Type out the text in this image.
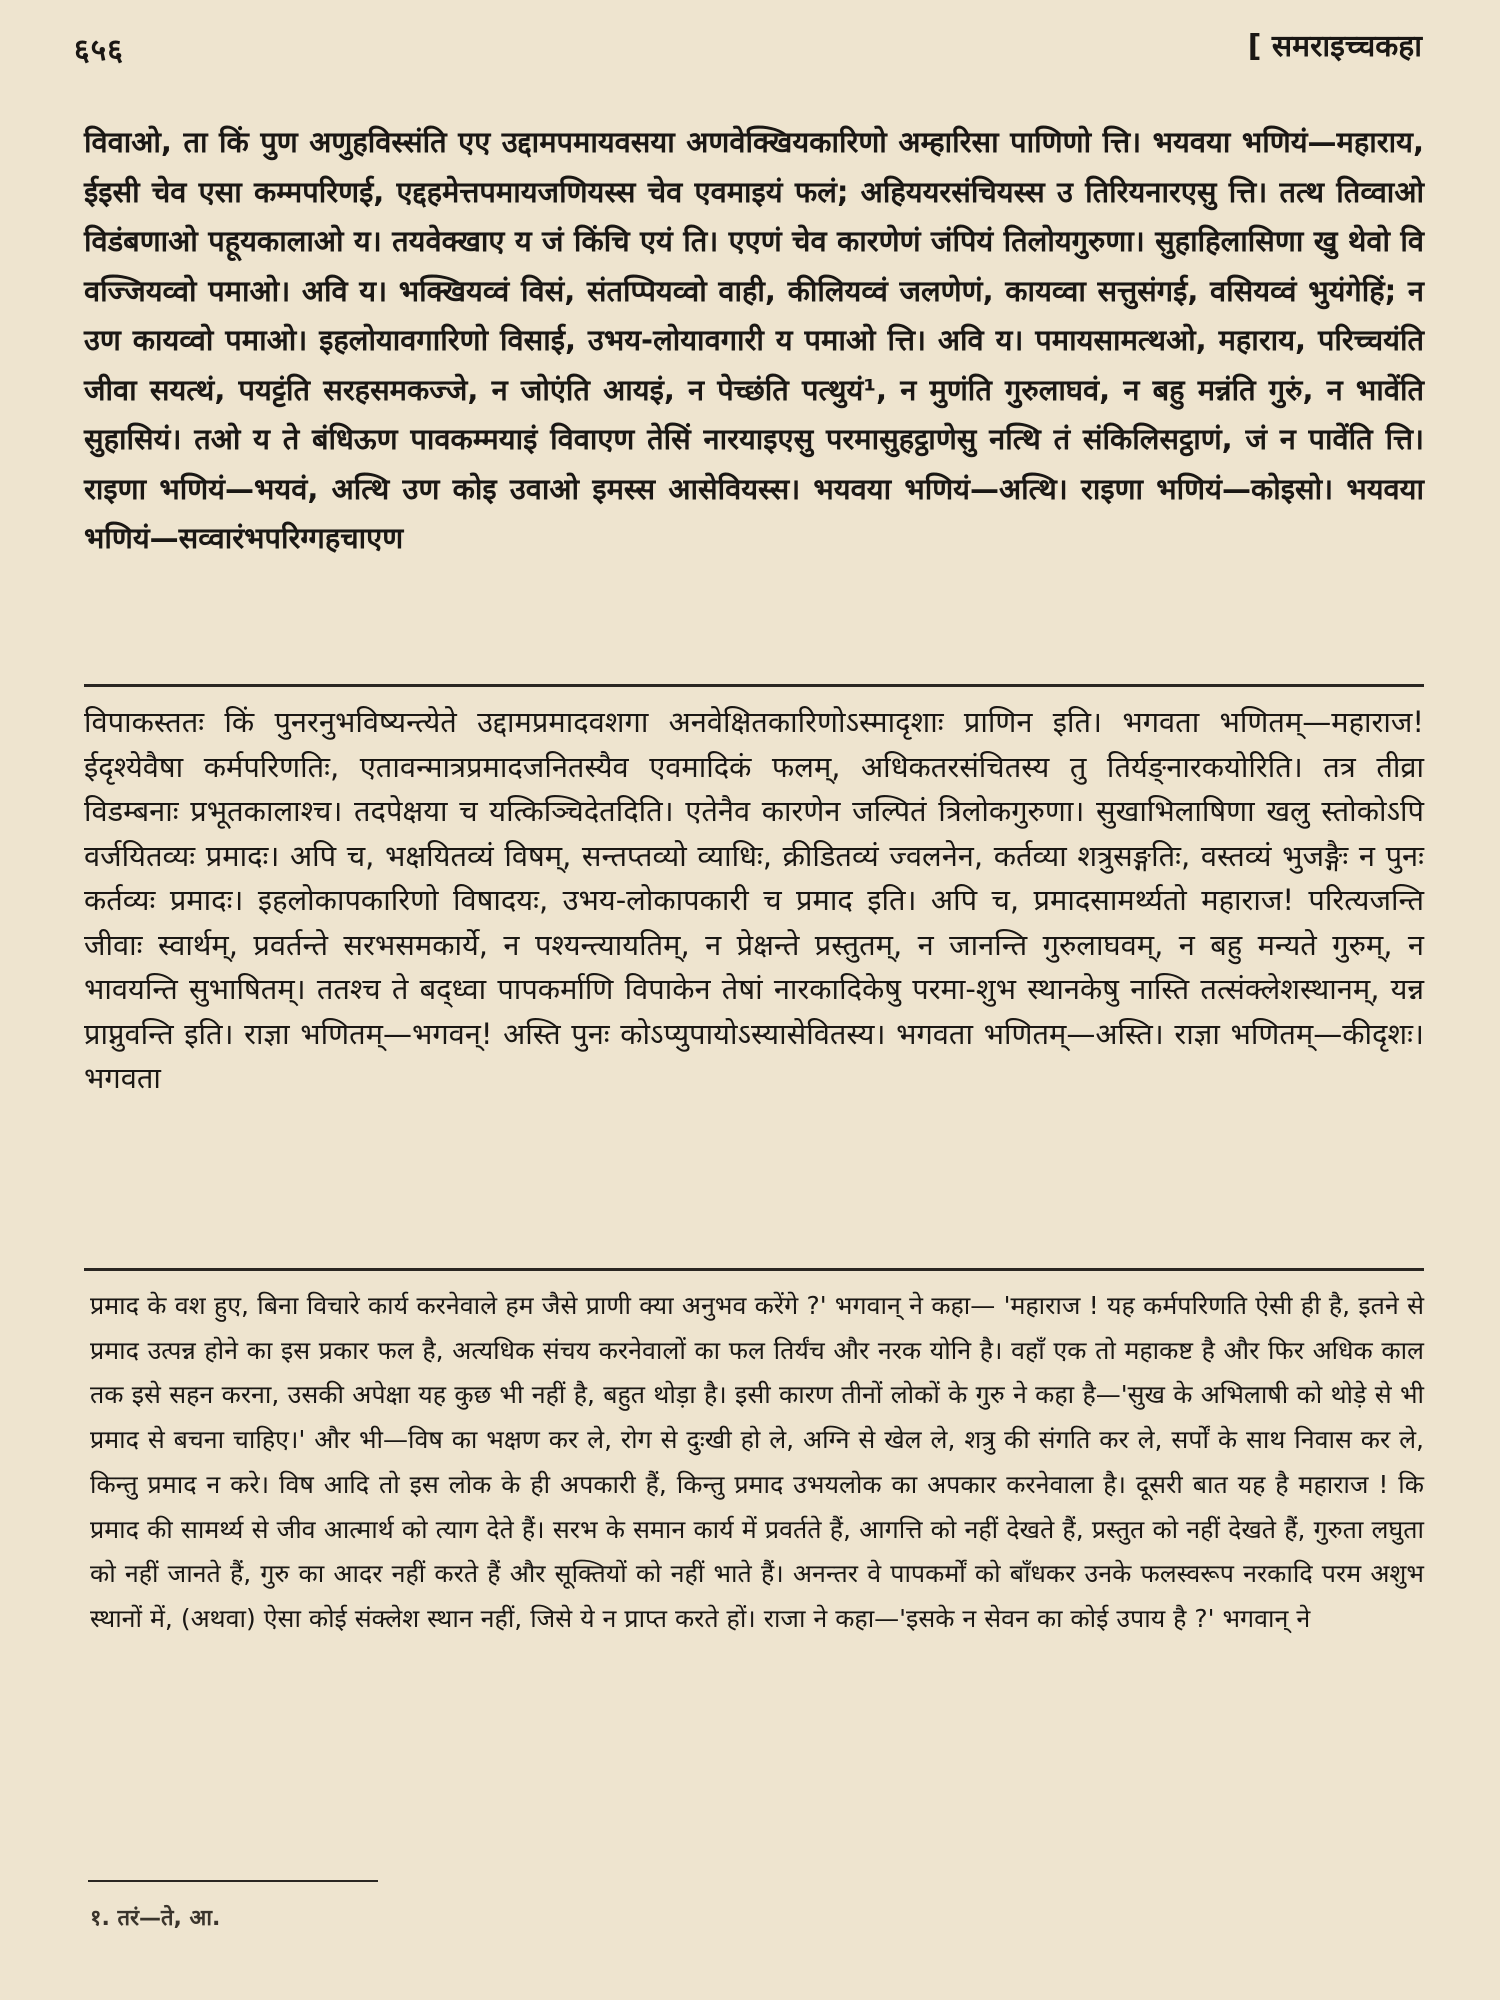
६५६	[ समराइच्चकहा

विवाओ, ता किं पुण अणुहविस्संति एए उद्दामपमायवसया अणवेक्खियकारिणो अम्हारिसा पाणिणो त्ति। भयवया भणियं—महाराय, ईइसी चेव एसा कम्मपरिणई, एद्दहमेत्तपमायजणियस्स चेव एवमाइयं फलं; अहिययरसंचियस्स उ तिरियनारएसु त्ति। तत्थ तिव्वाओ विडंबणाओ पहूयकालाओ य। तयवेक्खाए य जं किंचि एयं ति। एएणं चेव कारणेणं जंपियं तिलोयगुरुणा। सुहाहिलासिणा खु थेवो वि वज्जियव्वो पमाओ। अवि य। भक्खियव्वं विसं, संतप्पियव्वो वाही, कीलियव्वं जलणेणं, कायव्वा सत्तुसंगई, वसियव्वं भुयंगेहिं; न उण कायव्वो पमाओ। इहलोयावगारिणो विसाई, उभय-लोयावगारी य पमाओ त्ति। अवि य। पमायसामत्थओ, महाराय, परिच्चयंति जीवा सयत्थं, पयट्टंति सरहसमकज्जे, न जोएंति आयइं, न पेच्छंति पत्थुयं¹, न मुणंति गुरुलाघवं, न बहु मन्नंति गुरुं, न भावेंति सुहासियं। तओ य ते बंधिऊण पावकम्मयाइं विवाएण तेसिं नारयाइएसु परमासुहट्ठाणेसु नत्थि तं संकिलिसट्ठाणं, जं न पावेंति त्ति। राइणा भणियं—भयवं, अत्थि उण कोइ उवाओ इमस्स आसेवियस्स। भयवया भणियं—अत्थि। राइणा भणियं—कोइसो। भयवया भणियं—सव्वारंभपरिग्गहचाएण

विपाकस्ततः किं पुनरनुभविष्यन्त्येते उद्दामप्रमादवशगा अनवेक्षितकारिणोऽस्मादृशाः प्राणिन इति। भगवता भणितम्—महाराज! ईदृश्येवैषा कर्मपरिणतिः, एतावन्मात्रप्रमादजनितस्यैव एवमादिकं फलम्, अधिकतरसंचितस्य तु तिर्यङ्नारकयोरिति। तत्र तीव्रा विडम्बनाः प्रभूतकालाश्च। तदपेक्षया च यत्किञ्चिदेतदिति। एतेनैव कारणेन जल्पितं त्रिलोकगुरुणा। सुखाभिलाषिणा खलु स्तोकोऽपि वर्जयितव्यः प्रमादः। अपि च, भक्षयितव्यं विषम्, सन्तप्तव्यो व्याधिः, क्रीडितव्यं ज्वलनेन, कर्तव्या शत्रुसङ्गतिः, वस्तव्यं भुजङ्गैः न पुनः कर्तव्यः प्रमादः। इहलोकापकारिणो विषादयः, उभय-लोकापकारी च प्रमाद इति। अपि च, प्रमादसामर्थ्यतो महाराज! परित्यजन्ति जीवाः स्वार्थम्, प्रवर्तन्ते सरभसमकार्ये, न पश्यन्त्यायतिम्, न प्रेक्षन्ते प्रस्तुतम्, न जानन्ति गुरुलाघवम्, न बहु मन्यते गुरुम्, न भावयन्ति सुभाषितम्। ततश्च ते बद्ध्वा पापकर्माणि विपाकेन तेषां नारकादिकेषु परमा-शुभ स्थानकेषु नास्ति तत्संक्लेशस्थानम्, यन्न प्राप्नुवन्ति इति। राज्ञा भणितम्—भगवन्! अस्ति पुनः कोऽप्युपायोऽस्यासेवितस्य। भगवता भणितम्—अस्ति। राज्ञा भणितम्—कीदृशः। भगवता

प्रमाद के वश हुए, बिना विचारे कार्य करनेवाले हम जैसे प्राणी क्या अनुभव करेंगे ?' भगवान् ने कहा— 'महाराज ! यह कर्मपरिणति ऐसी ही है, इतने से प्रमाद उत्पन्न होने का इस प्रकार फल है, अत्यधिक संचय करनेवालों का फल तिर्यंच और नरक योनि है। वहाँ एक तो महाकष्ट है और फिर अधिक काल तक इसे सहन करना, उसकी अपेक्षा यह कुछ भी नहीं है, बहुत थोड़ा है। इसी कारण तीनों लोकों के गुरु ने कहा है—'सुख के अभिलाषी को थोड़े से भी प्रमाद से बचना चाहिए।' और भी—विष का भक्षण कर ले, रोग से दुःखी हो ले, अग्नि से खेल ले, शत्रु की संगति कर ले, सर्पों के साथ निवास कर ले, किन्तु प्रमाद न करे। विष आदि तो इस लोक के ही अपकारी हैं, किन्तु प्रमाद उभयलोक का अपकार करनेवाला है। दूसरी बात यह है महाराज ! कि प्रमाद की सामर्थ्य से जीव आत्मार्थ को त्याग देते हैं। सरभ के समान कार्य में प्रवर्तते हैं, आगत्ति को नहीं देखते हैं, प्रस्तुत को नहीं देखते हैं, गुरुता लघुता को नहीं जानते हैं, गुरु का आदर नहीं करते हैं और सूक्तियों को नहीं भाते हैं। अनन्तर वे पापकर्मों को बाँधकर उनके फलस्वरूप नरकादि परम अशुभ स्थानों में, (अथवा) ऐसा कोई संक्लेश स्थान नहीं, जिसे ये न प्राप्त करते हों। राजा ने कहा—'इसके न सेवन का कोई उपाय है ?' भगवान् ने

१. तरं—ते, आ.
